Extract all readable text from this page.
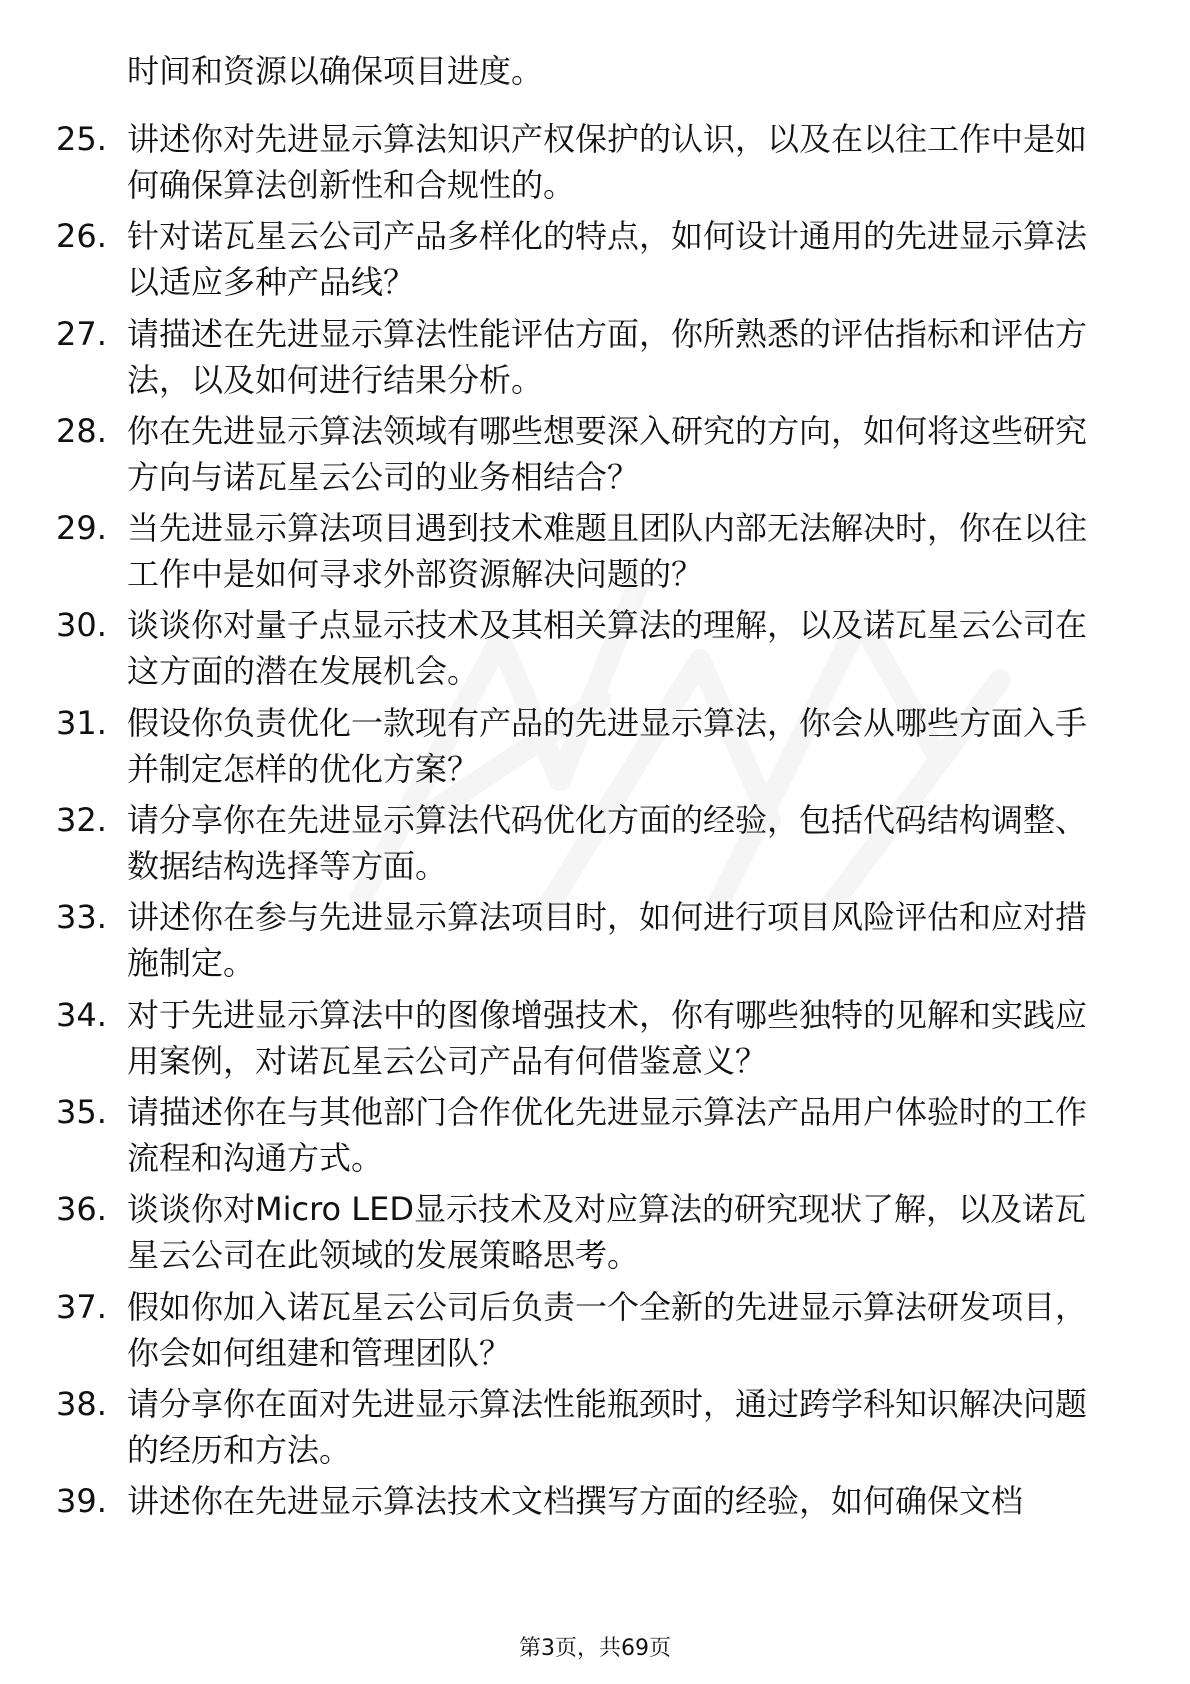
时间和资源以确保项目进度。

25. 讲述你对先进显示算法知识产权保护的认识，以及在以往工作中是如何确保算法创新性和合规性的。
26. 针对诺瓦星云公司产品多样化的特点，如何设计通用的先进显示算法以适应多种产品线？
27. 请描述在先进显示算法性能评估方面，你所熟悉的评估指标和评估方法，以及如何进行结果分析。
28. 你在先进显示算法领域有哪些想要深入研究的方向，如何将这些研究方向与诺瓦星云公司的业务相结合？
29. 当先进显示算法项目遇到技术难题且团队内部无法解决时，你在以往工作中是如何寻求外部资源解决问题的？
30. 谈谈你对量子点显示技术及其相关算法的理解，以及诺瓦星云公司在这方面的潜在发展机会。
31. 假设你负责优化一款现有产品的先进显示算法，你会从哪些方面入手并制定怎样的优化方案？
32. 请分享你在先进显示算法代码优化方面的经验，包括代码结构调整、数据结构选择等方面。
33. 讲述你在参与先进显示算法项目时，如何进行项目风险评估和应对措施制定。
34. 对于先进显示算法中的图像增强技术，你有哪些独特的见解和实践应用案例，对诺瓦星云公司产品有何借鉴意义？
35. 请描述你在与其他部门合作优化先进显示算法产品用户体验时的工作流程和沟通方式。
36. 谈谈你对Micro LED显示技术及对应算法的研究现状了解，以及诺瓦星云公司在此领域的发展策略思考。
37. 假如你加入诺瓦星云公司后负责一个全新的先进显示算法研发项目，你会如何组建和管理团队？
38. 请分享你在面对先进显示算法性能瓶颈时，通过跨学科知识解决问题的经历和方法。
39. 讲述你在先进显示算法技术文档撰写方面的经验，如何确保文档
第3页，共69页
